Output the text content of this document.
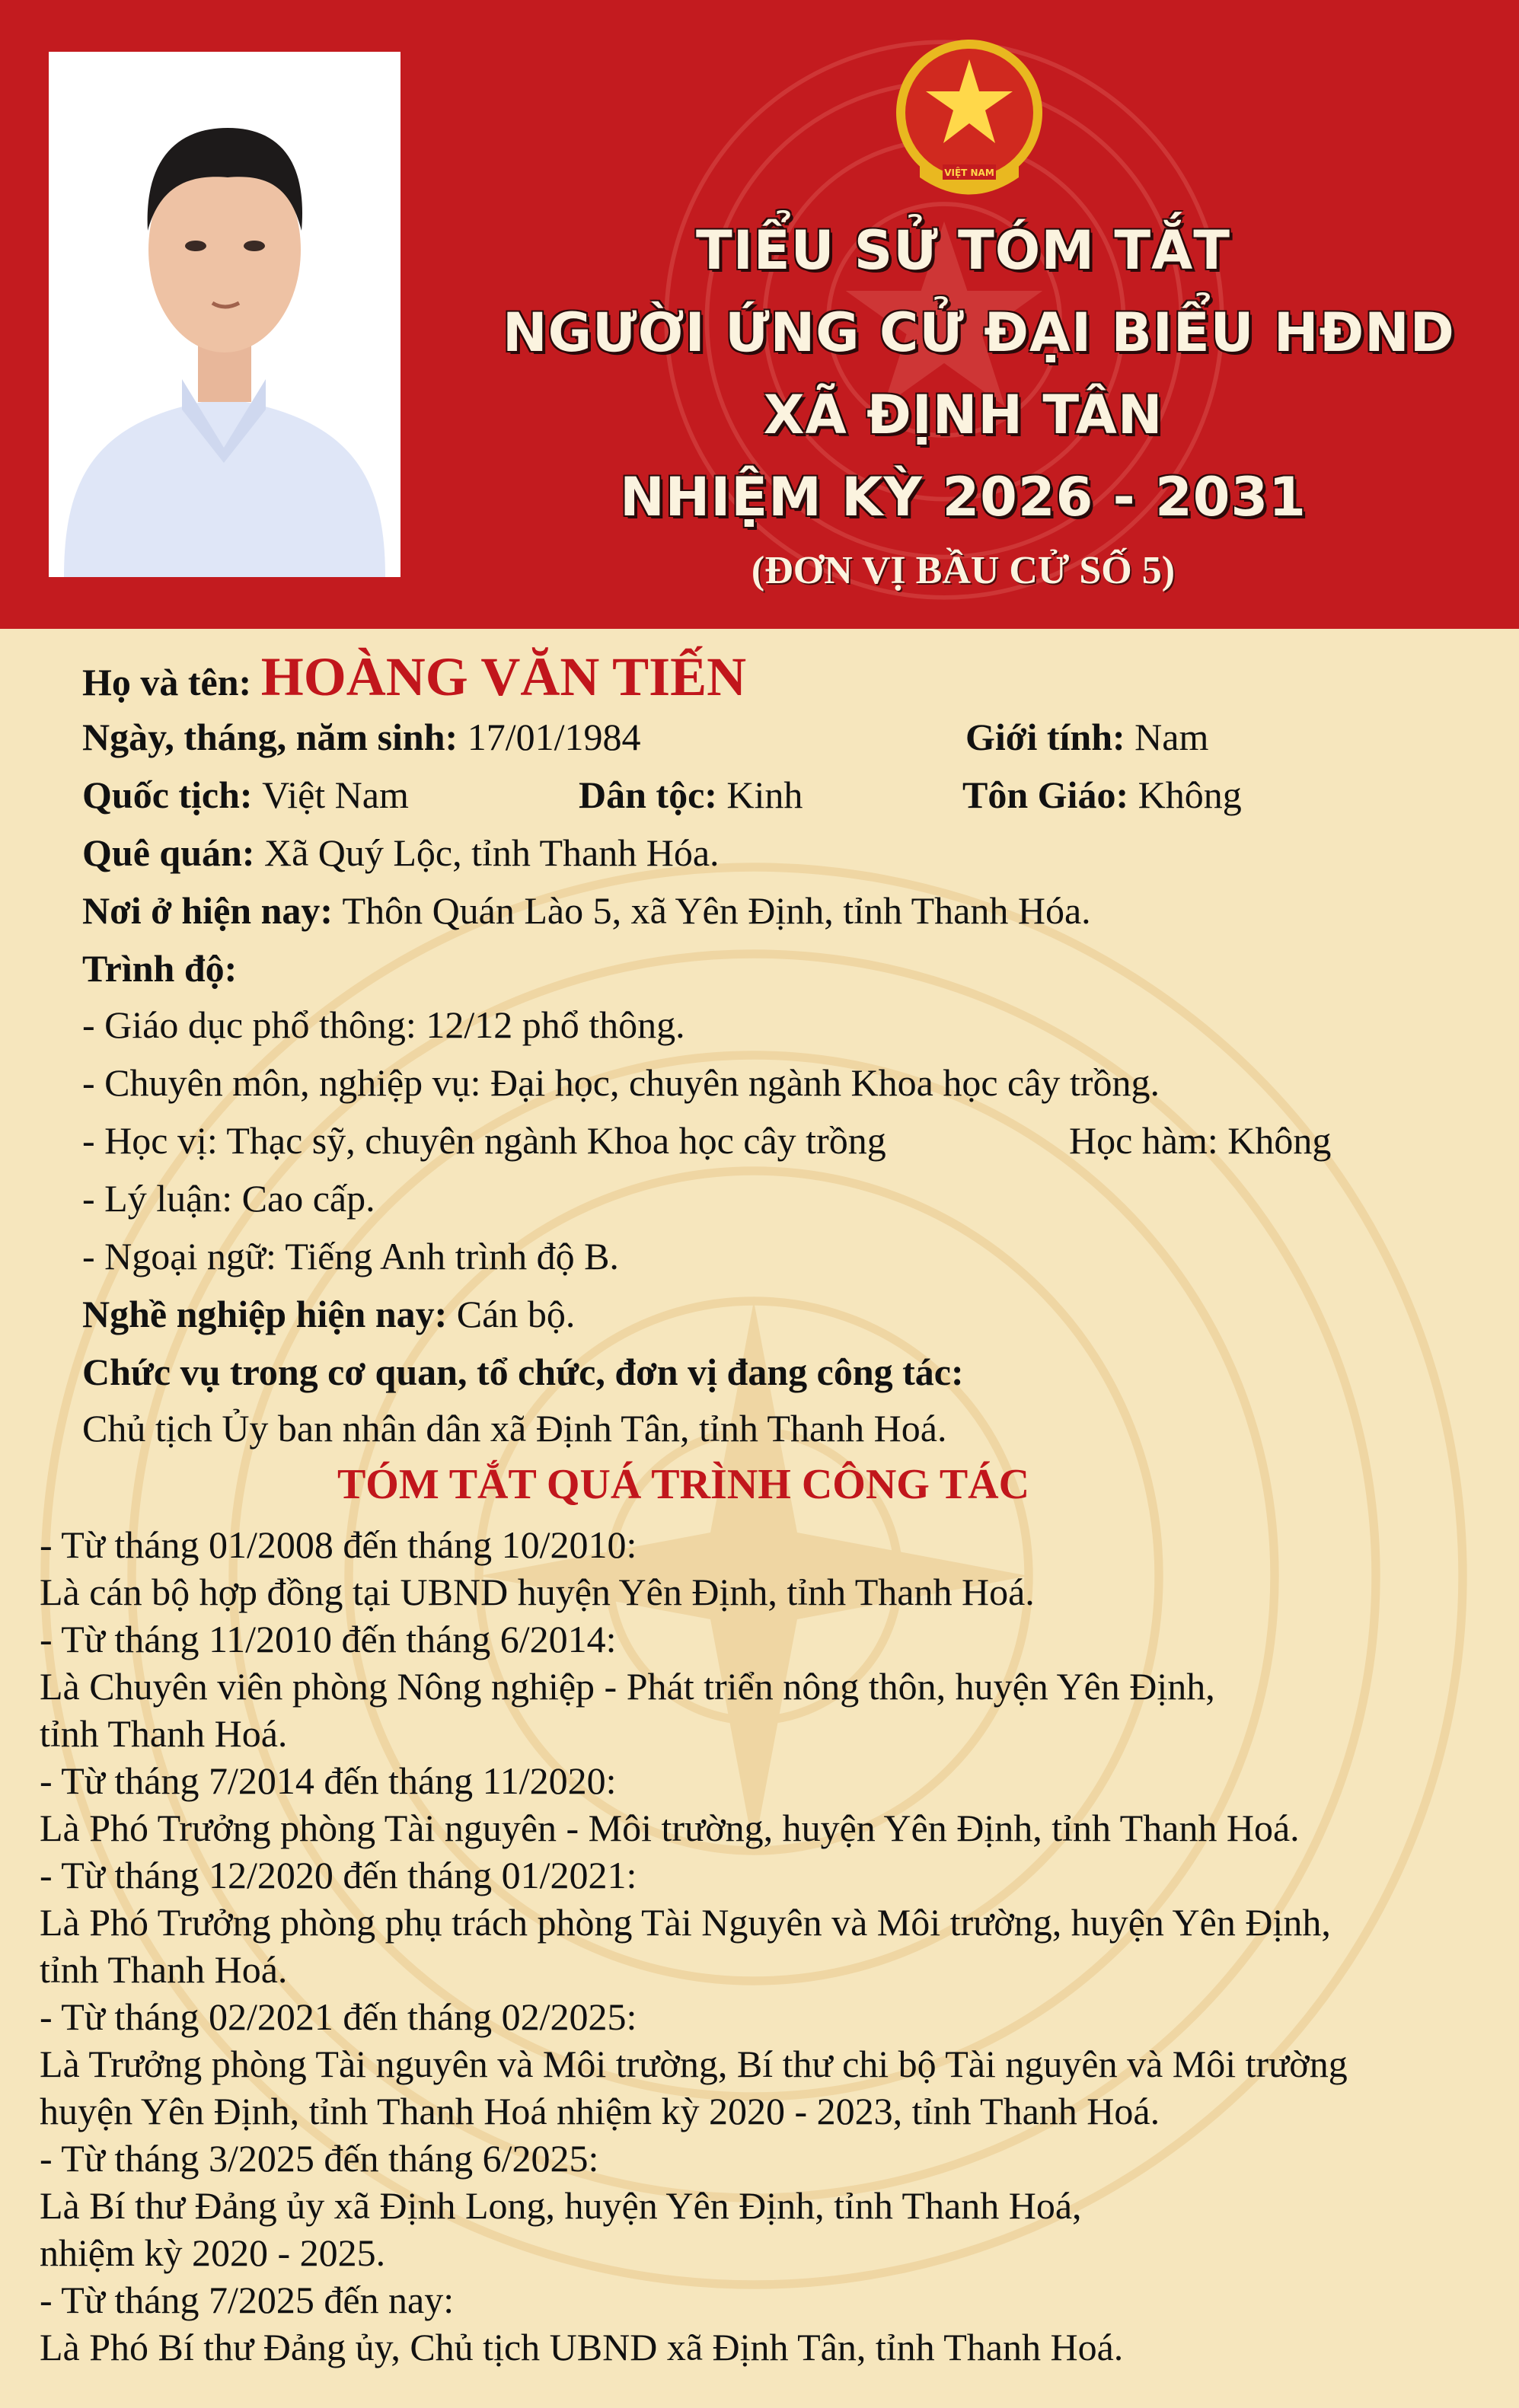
VIỆT NAM
TIỂU SỬ TÓM TẮT
NGƯỜI ỨNG CỬ ĐẠI BIỂU HĐND
XÃ ĐỊNH TÂN
NHIỆM KỲ 2026 - 2031
(ĐƠN VỊ BẦU CỬ SỐ 5)
Họ và tên: HOÀNG VĂN TIẾN
Ngày, tháng, năm sinh: 17/01/1984	Giới tính: Nam
Quốc tịch: Việt Nam	Dân tộc: Kinh	Tôn Giáo: Không
Quê quán: Xã Quý Lộc, tỉnh Thanh Hóa.
Nơi ở hiện nay: Thôn Quán Lào 5, xã Yên Định, tỉnh Thanh Hóa.
Trình độ:
- Giáo dục phổ thông: 12/12 phổ thông.
- Chuyên môn, nghiệp vụ: Đại học, chuyên ngành Khoa học cây trồng.
- Học vị: Thạc sỹ, chuyên ngành Khoa học cây trồng	Học hàm: Không
- Lý luận: Cao cấp.
- Ngoại ngữ: Tiếng Anh trình độ B.
Nghề nghiệp hiện nay: Cán bộ.
Chức vụ trong cơ quan, tổ chức, đơn vị đang công tác:
Chủ tịch Ủy ban nhân dân xã Định Tân, tỉnh Thanh Hoá.
TÓM TẮT QUÁ TRÌNH CÔNG TÁC
- Từ tháng 01/2008 đến tháng 10/2010:
Là cán bộ hợp đồng tại UBND huyện Yên Định, tỉnh Thanh Hoá.
- Từ tháng 11/2010 đến tháng 6/2014:
Là Chuyên viên phòng Nông nghiệp - Phát triển nông thôn, huyện Yên Định,
tỉnh Thanh Hoá.
- Từ tháng 7/2014 đến tháng 11/2020:
Là Phó Trưởng phòng Tài nguyên - Môi trường, huyện Yên Định, tỉnh Thanh Hoá.
- Từ tháng 12/2020 đến tháng 01/2021:
Là Phó Trưởng phòng phụ trách phòng Tài Nguyên và Môi trường, huyện Yên Định,
tỉnh Thanh Hoá.
- Từ tháng 02/2021 đến tháng 02/2025:
Là Trưởng phòng Tài nguyên và Môi trường, Bí thư chi bộ Tài nguyên và Môi trường
huyện Yên Định, tỉnh Thanh Hoá nhiệm kỳ 2020 - 2023, tỉnh Thanh Hoá.
- Từ tháng 3/2025 đến tháng 6/2025:
Là Bí thư Đảng ủy xã Định Long, huyện Yên Định, tỉnh Thanh Hoá,
nhiệm kỳ 2020 - 2025.
- Từ tháng 7/2025 đến nay:
Là Phó Bí thư Đảng ủy, Chủ tịch UBND xã Định Tân, tỉnh Thanh Hoá.
